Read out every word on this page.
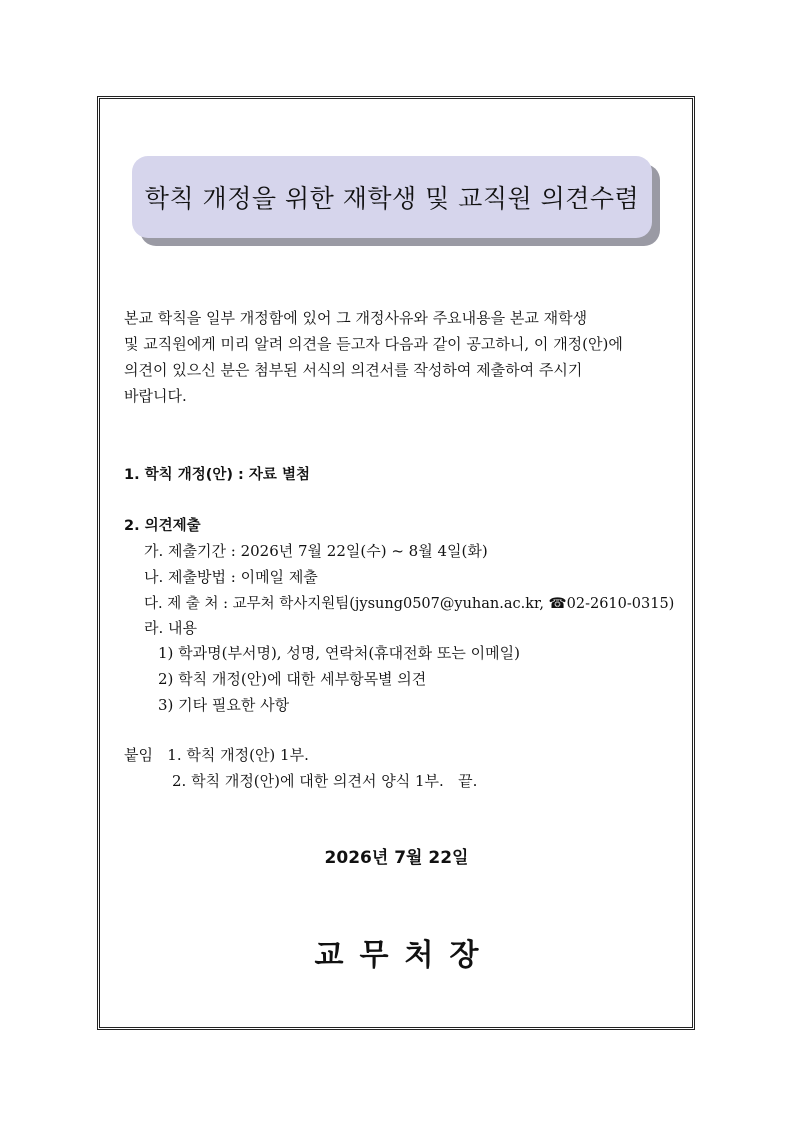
학칙 개정을 위한 재학생 및 교직원 의견수렴
본교 학칙을 일부 개정함에 있어 그 개정사유와 주요내용을 본교 재학생
및 교직원에게 미리 알려 의견을 듣고자 다음과 같이 공고하니, 이 개정(안)에
의견이 있으신 분은 첨부된 서식의 의견서를 작성하여 제출하여 주시기
바랍니다.
1. 학칙 개정(안) : 자료 별첨
2. 의견제출
가. 제출기간 : 2026년 7월 22일(수) ~ 8월 4일(화)
나. 제출방법 : 이메일 제출
다. 제 출 처 : 교무처 학사지원팀(jysung0507@yuhan.ac.kr, ☎02-2610-0315)
라. 내용
1) 학과명(부서명), 성명, 연락처(휴대전화 또는 이메일)
2) 학칙 개정(안)에 대한 세부항목별 의견
3) 기타 필요한 사항
붙임   1. 학칙 개정(안) 1부.
2. 학칙 개정(안)에 대한 의견서 양식 1부.   끝.
2026년 7월 22일
교무처장
